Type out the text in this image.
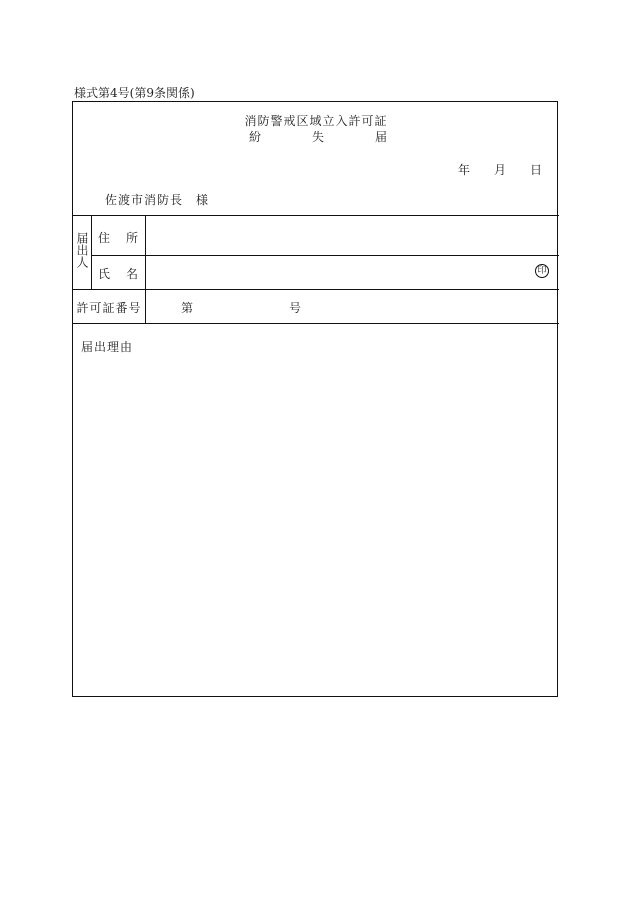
様式第4号(第9条関係)
消防警戒区域立入許可証
紛	失	届
年 月 日
佐渡市消防長　様
届出人 住 所
氏 名	印
許可証番号	第	号
届出理由
